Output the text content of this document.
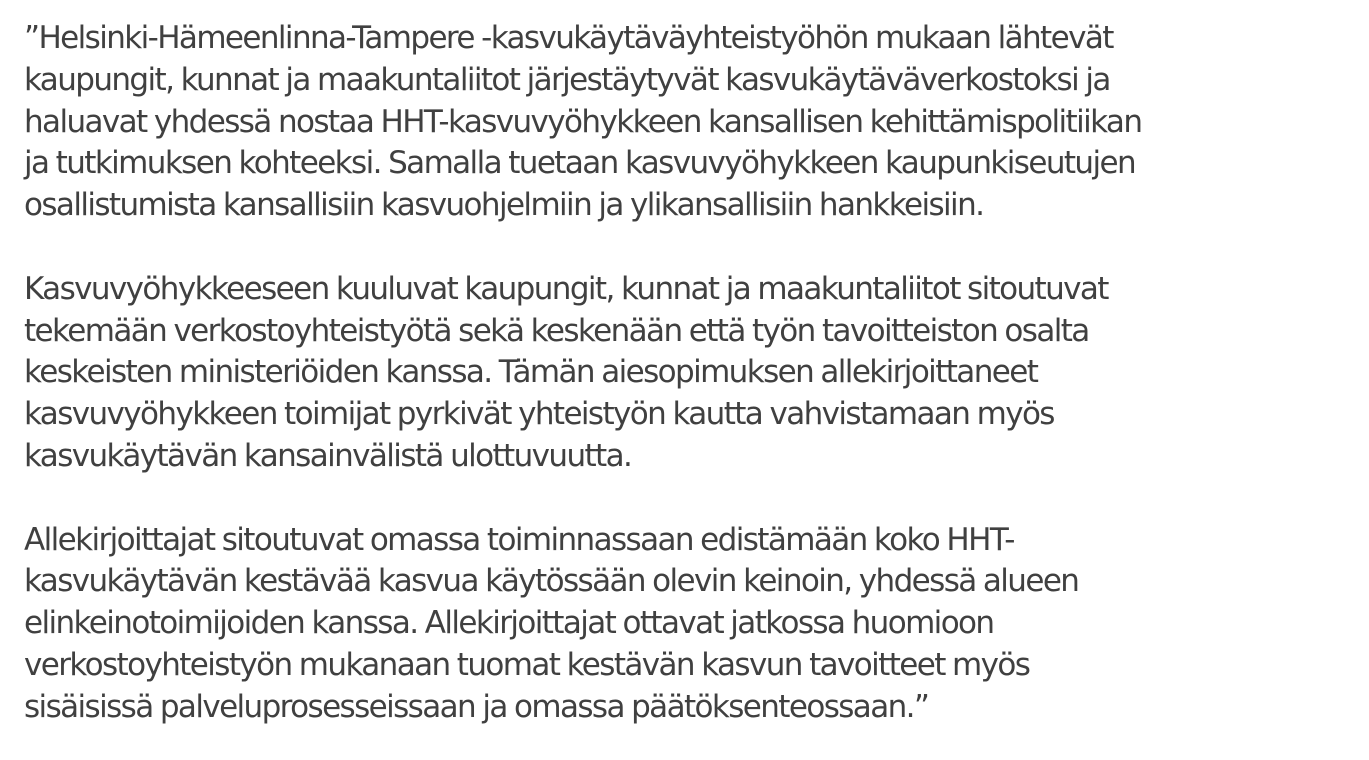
”Helsinki-Hämeenlinna-Tampere -kasvukäytäväyhteistyöhön mukaan lähtevät
kaupungit, kunnat ja maakuntaliitot järjestäytyvät kasvukäytäväverkostoksi ja
haluavat yhdessä nostaa HHT-kasvuvyöhykkeen kansallisen kehittämispolitiikan
ja tutkimuksen kohteeksi. Samalla tuetaan kasvuvyöhykkeen kaupunkiseutujen
osallistumista kansallisiin kasvuohjelmiin ja ylikansallisiin hankkeisiin.
Kasvuvyöhykkeeseen kuuluvat kaupungit, kunnat ja maakuntaliitot sitoutuvat
tekemään verkostoyhteistyötä sekä keskenään että työn tavoitteiston osalta
keskeisten ministeriöiden kanssa. Tämän aiesopimuksen allekirjoittaneet
kasvuvyöhykkeen toimijat pyrkivät yhteistyön kautta vahvistamaan myös
kasvukäytävän kansainvälistä ulottuvuutta.
Allekirjoittajat sitoutuvat omassa toiminnassaan edistämään koko HHT-
kasvukäytävän kestävää kasvua käytössään olevin keinoin, yhdessä alueen
elinkeinotoimijoiden kanssa. Allekirjoittajat ottavat jatkossa huomioon
verkostoyhteistyön mukanaan tuomat kestävän kasvun tavoitteet myös
sisäisissä palveluprosesseissaan ja omassa päätöksenteossaan.”
